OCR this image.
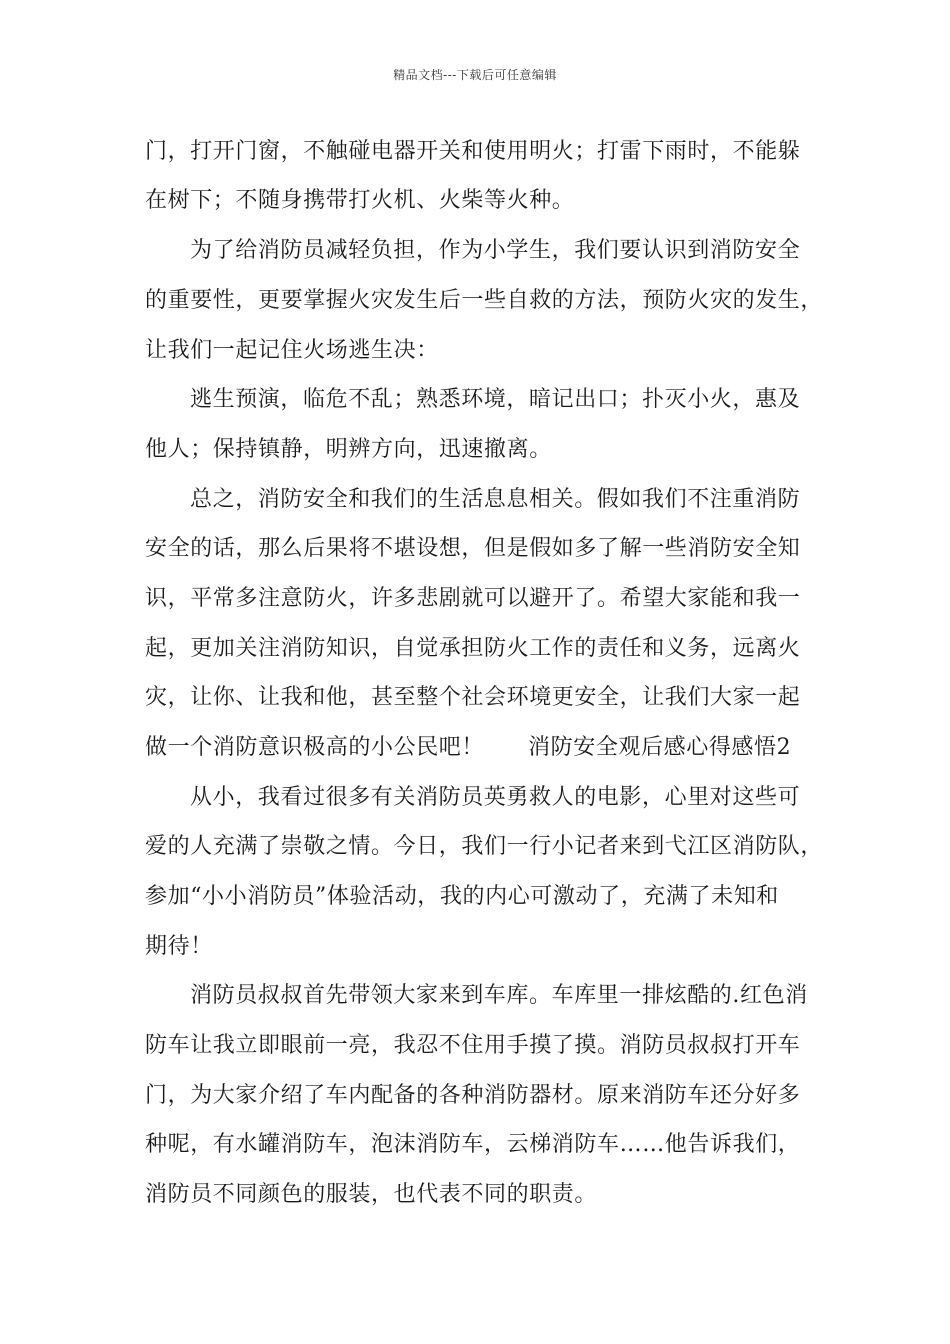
精品文档---下载后可任意编辑
门，打开门窗，不触碰电器开关和使用明火；打雷下雨时，不能躲
在树下；不随身携带打火机、火柴等火种。
为了给消防员减轻负担，作为小学生，我们要认识到消防安全
的重要性，更要掌握火灾发生后一些自救的方法，预防火灾的发生，
让我们一起记住火场逃生决：
逃生预演，临危不乱；熟悉环境，暗记出口；扑灭小火，惠及
他人；保持镇静，明辨方向，迅速撤离。
总之，消防安全和我们的生活息息相关。假如我们不注重消防
安全的话，那么后果将不堪设想，但是假如多了解一些消防安全知
识，平常多注意防火，许多悲剧就可以避开了。希望大家能和我一
起，更加关注消防知识，自觉承担防火工作的责任和义务，远离火
灾，让你、让我和他，甚至整个社会环境更安全，让我们大家一起
做一个消防意识极高的小公民吧！ 消防安全观后感心得感悟2
从小，我看过很多有关消防员英勇救人的电影，心里对这些可
爱的人充满了崇敬之情。今日，我们一行小记者来到弋江区消防队，
参加“小小消防员”体验活动，我的内心可激动了，充满了未知和
期待！
消防员叔叔首先带领大家来到车库。车库里一排炫酷的.红色消
防车让我立即眼前一亮，我忍不住用手摸了摸。消防员叔叔打开车
门，为大家介绍了车内配备的各种消防器材。原来消防车还分好多
种呢，有水罐消防车，泡沫消防车，云梯消防车……他告诉我们，
消防员不同颜色的服装，也代表不同的职责。
